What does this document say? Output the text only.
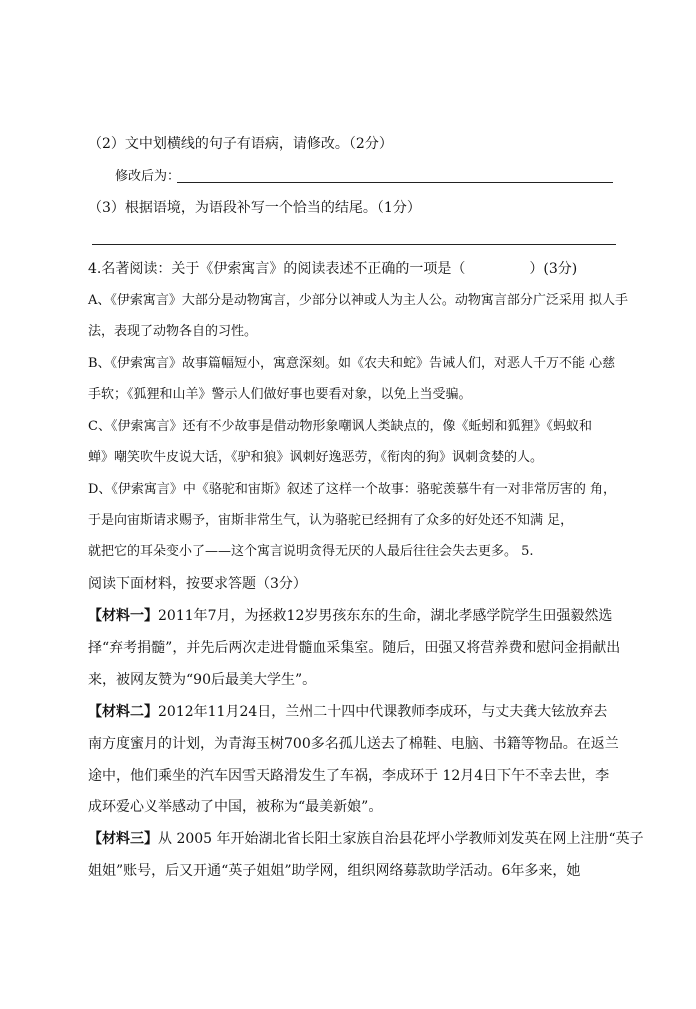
（2）文中划横线的句子有语病，请修改。（2分）
修改后为：
（3）根据语境，为语段补写一个恰当的结尾。（1分）
4.名著阅读：关于《伊索寓言》的阅读表述不正确的一项是（	）(3分)
A、《伊索寓言》大部分是动物寓言，少部分以神或人为主人公。动物寓言部分广泛采用 拟人手
法，表现了动物各自的习性。
B、《伊索寓言》故事篇幅短小，寓意深刻。如《农夫和蛇》告诫人们，对恶人千万不能 心慈
手软；《狐狸和山羊》警示人们做好事也要看对象，以免上当受骗。
C、《伊索寓言》还有不少故事是借动物形象嘲讽人类缺点的，像《蚯蚓和狐狸》《蚂蚁和
蝉》嘲笑吹牛皮说大话，《驴和狼》讽刺好逸恶劳，《衔肉的狗》讽刺贪婪的人。
D、《伊索寓言》中《骆驼和宙斯》叙述了这样一个故事：骆驼羡慕牛有一对非常厉害的 角，
于是向宙斯请求赐予，宙斯非常生气，认为骆驼已经拥有了众多的好处还不知满 足，
就把它的耳朵变小了——这个寓言说明贪得无厌的人最后往往会失去更多。 5.
阅读下面材料，按要求答题（3分）
【材料一】2011年7月，为拯救12岁男孩东东的生命，湖北孝感学院学生田强毅然选
择“弃考捐髓”，并先后两次走进骨髓血采集室。随后，田强又将营养费和慰问金捐献出
来，被网友赞为“90后最美大学生”。
【材料二】2012年11月24日，兰州二十四中代课教师李成环，与丈夫龚大铉放弃去
南方度蜜月的计划，为青海玉树700多名孤儿送去了棉鞋、电脑、书籍等物品。在返兰
途中，他们乘坐的汽车因雪天路滑发生了车祸，李成环于 12月4日下午不幸去世，李
成环爱心义举感动了中国，被称为“最美新娘”。
【材料三】从 2005 年开始湖北省长阳土家族自治县花坪小学教师刘发英在网上注册“英子
姐姐”账号，后又开通“英子姐姐”助学网，组织网络募款助学活动。6年多来，她
